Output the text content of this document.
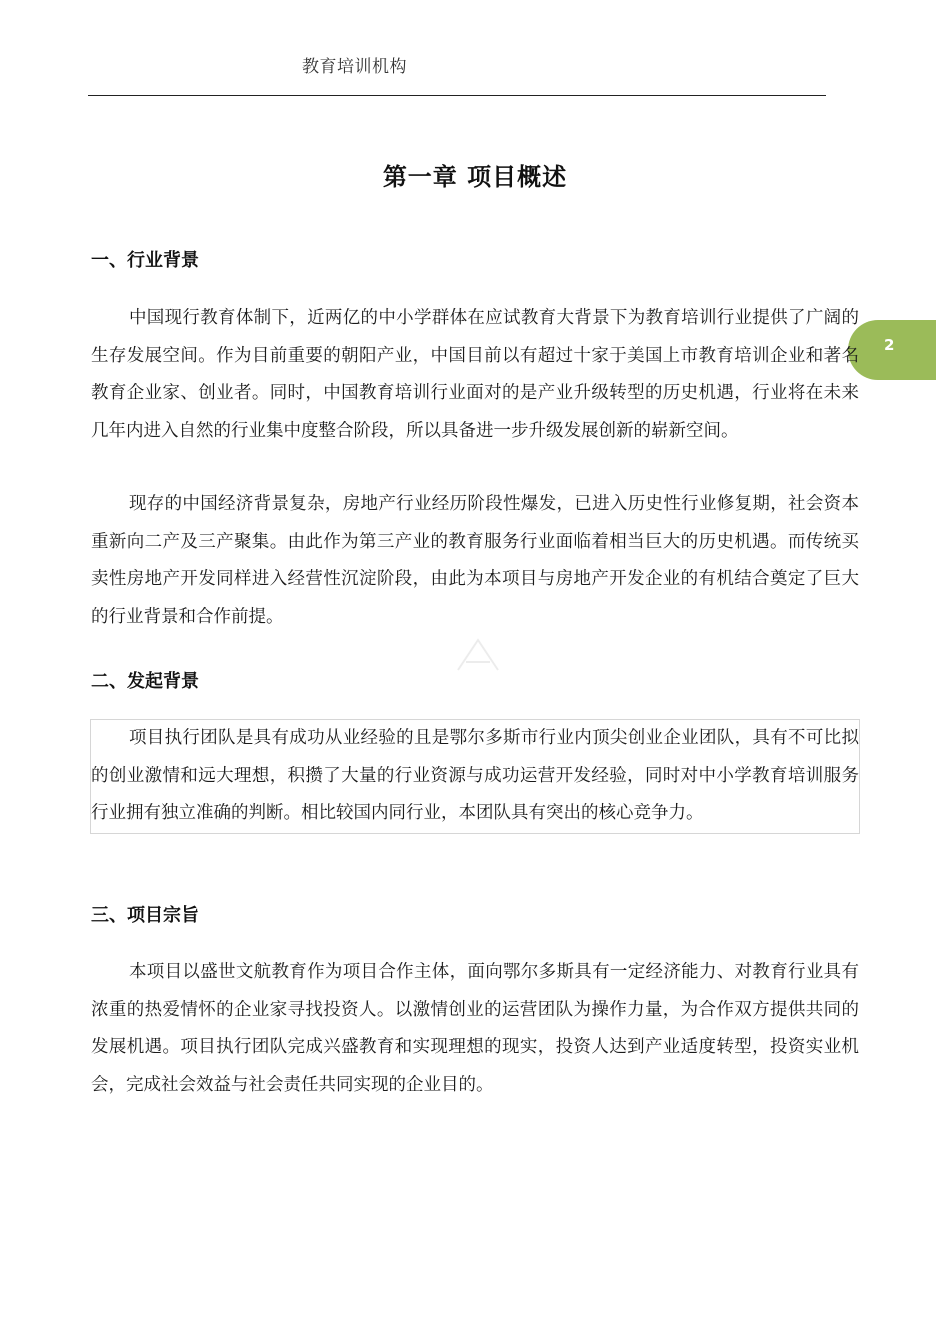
教育培训机构
2
第一章 项目概述
一、行业背景
中国现行教育体制下，近两亿的中小学群体在应试教育大背景下为教育培训行业提供了广阔的生存发展空间。作为目前重要的朝阳产业，中国目前以有超过十家于美国上市教育培训企业和著名教育企业家、创业者。同时，中国教育培训行业面对的是产业升级转型的历史机遇，行业将在未来几年内进入自然的行业集中度整合阶段，所以具备进一步升级发展创新的崭新空间。
现存的中国经济背景复杂，房地产行业经历阶段性爆发，已进入历史性行业修复期，社会资本重新向二产及三产聚集。由此作为第三产业的教育服务行业面临着相当巨大的历史机遇。而传统买卖性房地产开发同样进入经营性沉淀阶段，由此为本项目与房地产开发企业的有机结合奠定了巨大的行业背景和合作前提。
二、发起背景
项目执行团队是具有成功从业经验的且是鄂尔多斯市行业内顶尖创业企业团队，具有不可比拟的创业激情和远大理想，积攒了大量的行业资源与成功运营开发经验，同时对中小学教育培训服务行业拥有独立准确的判断。相比较国内同行业，本团队具有突出的核心竞争力。
三、项目宗旨
本项目以盛世文航教育作为项目合作主体，面向鄂尔多斯具有一定经济能力、对教育行业具有浓重的热爱情怀的企业家寻找投资人。以激情创业的运营团队为操作力量，为合作双方提供共同的发展机遇。项目执行团队完成兴盛教育和实现理想的现实，投资人达到产业适度转型，投资实业机会，完成社会效益与社会责任共同实现的企业目的。
